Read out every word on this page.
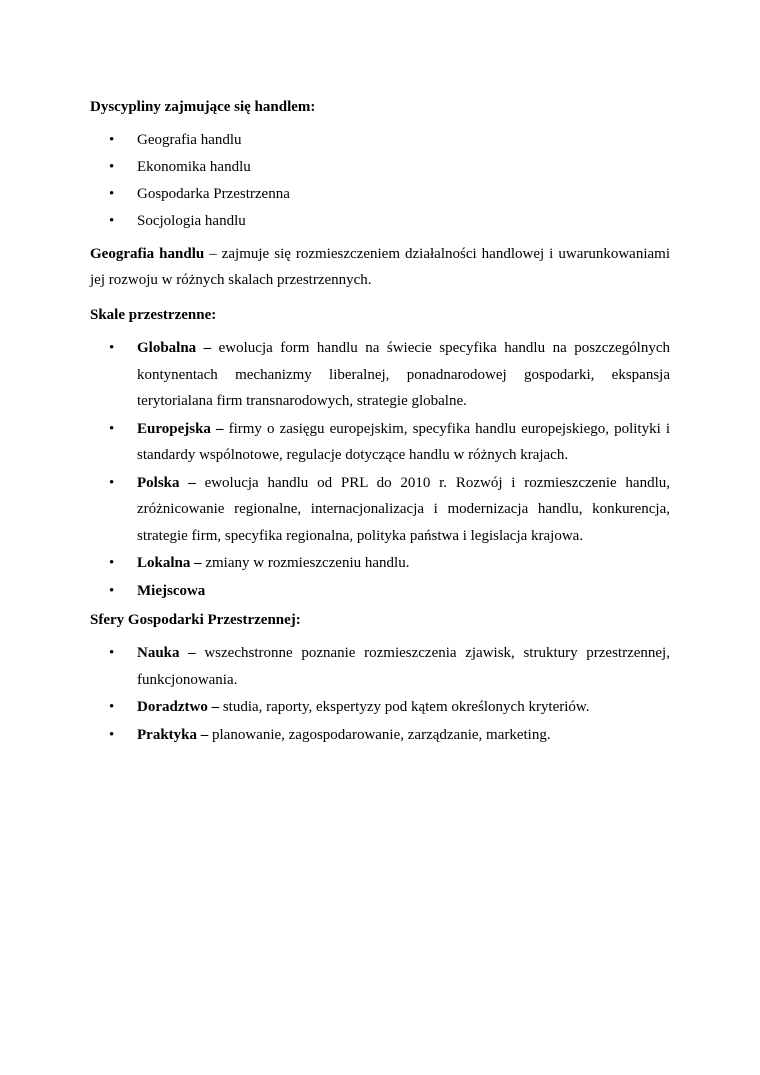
Dyscypliny zajmujące się handlem:
• Geografia handlu
• Ekonomika handlu
• Gospodarka Przestrzenna
• Socjologia handlu

Geografia handlu – zajmuje się rozmieszczeniem działalności handlowej i uwarunkowaniami jej rozwoju w różnych skalach przestrzennych.

Skale przestrzenne:
• Globalna – ewolucja form handlu na świecie specyfika handlu na poszczególnych kontynentach mechanizmy liberalnej, ponadnarodowej gospodarki, ekspansja terytorialana firm transnarodowych, strategie globalne.
• Europejska – firmy o zasięgu europejskim, specyfika handlu europejskiego, polityki i standardy wspólnotowe, regulacje dotyczące handlu w różnych krajach.
• Polska – ewolucja handlu od PRL do 2010 r. Rozwój i rozmieszczenie handlu, zróżnicowanie regionalne, internacjonalizacja i modernizacja handlu, konkurencja, strategie firm, specyfika regionalna, polityka państwa i legislacja krajowa.
• Lokalna – zmiany w rozmieszczeniu handlu.
• Miejscowa
Sfery Gospodarki Przestrzennej:
• Nauka – wszechstronne poznanie rozmieszczenia zjawisk, struktury przestrzennej, funkcjonowania.
• Doradztwo – studia, raporty, ekspertyzy pod kątem określonych kryteriów.
• Praktyka – planowanie, zagospodarowanie, zarządzanie, marketing.
